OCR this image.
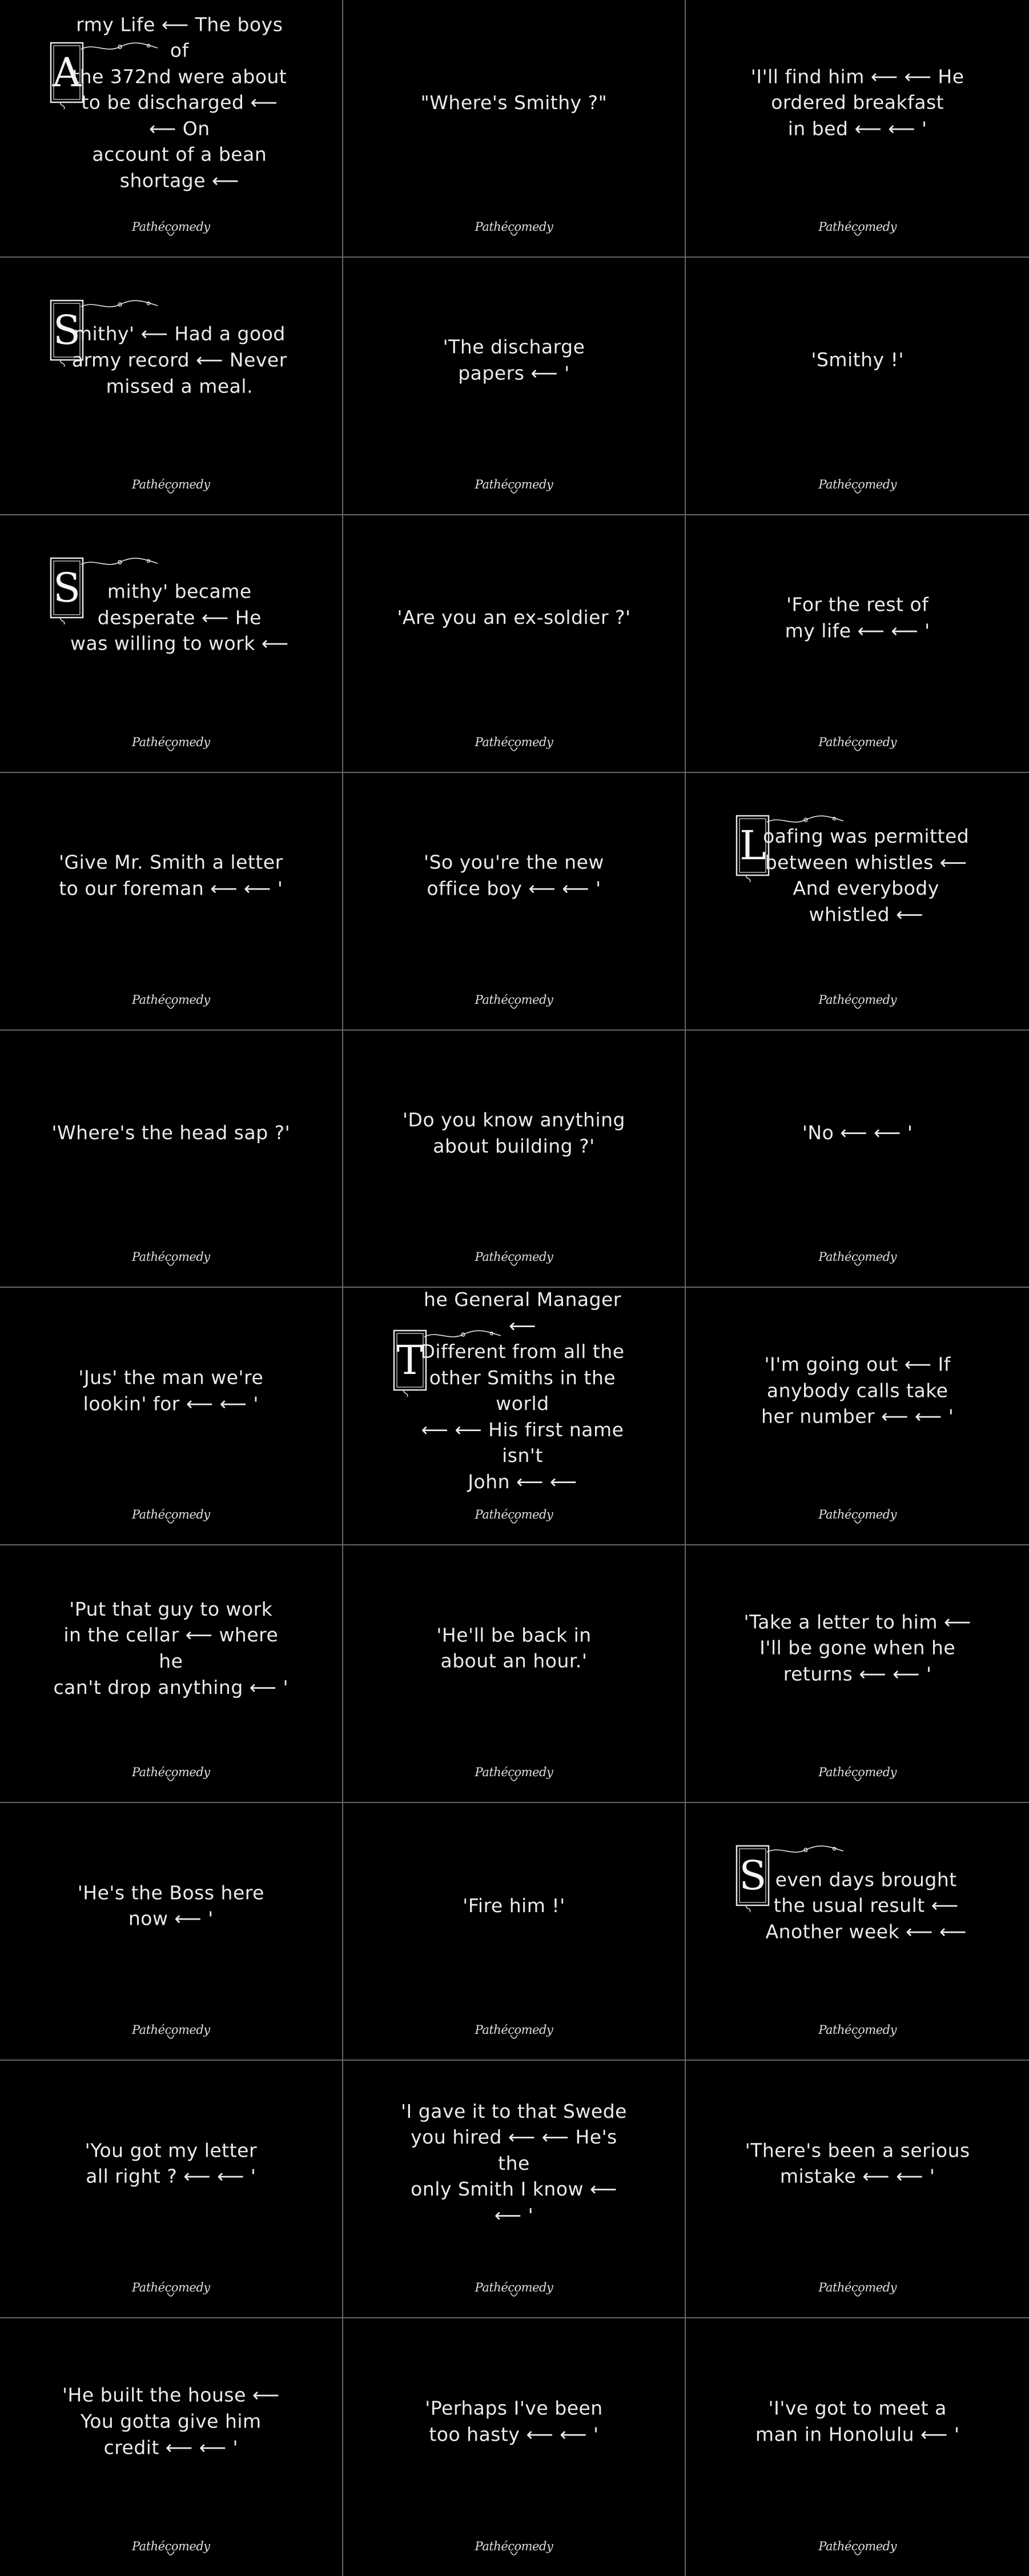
A
rmy Life ⟵ The boys of
the 372nd were about
to be discharged ⟵ ⟵ On
account of a bean shortage ⟵
Pathécomedy
"Where's Smithy ?"
Pathécomedy
'I'll find him ⟵ ⟵ He
ordered breakfast
in bed ⟵ ⟵ '
Pathécomedy
S
mithy' ⟵ Had a good
army record ⟵ Never
missed a meal.
Pathécomedy
'The discharge
papers ⟵ '
Pathécomedy
'Smithy !'
Pathécomedy
S	mithy' became
desperate ⟵ He
was willing to work ⟵
Pathécomedy
'Are you an ex-soldier ?'
Pathécomedy
'For the rest of
my life ⟵ ⟵ '
Pathécomedy
'Give Mr. Smith a letter
to our foreman ⟵ ⟵ '
Pathécomedy
'So you're the new
office boy ⟵ ⟵ '
Pathécomedy
L
oafing was permitted
between whistles ⟵
And everybody whistled ⟵
Pathécomedy
'Where's the head sap ?'
Pathécomedy
'Do you know anything
about building ?'
Pathécomedy
'No ⟵ ⟵ '
Pathécomedy
'Jus' the man we're
lookin' for ⟵ ⟵ '
Pathécomedy
T
he General Manager ⟵
Different from all the
other Smiths in the world
⟵ ⟵ His first name isn't
John ⟵ ⟵
Pathécomedy
'I'm going out ⟵ If
anybody calls take
her number ⟵ ⟵ '
Pathécomedy
'Put that guy to work
in the cellar ⟵ where he
can't drop anything ⟵ '
Pathécomedy
'He'll be back in
about an hour.'
Pathécomedy
'Take a letter to him ⟵
I'll be gone when he
returns ⟵ ⟵ '
Pathécomedy
'He's the Boss here
now ⟵ '
Pathécomedy
'Fire him !'
Pathécomedy
S even days brought
the usual result ⟵
Another week ⟵ ⟵
Pathécomedy
'You got my letter
all right ? ⟵ ⟵ '
Pathécomedy
'I gave it to that Swede
you hired ⟵ ⟵ He's the
only Smith I know ⟵ ⟵ '
Pathécomedy
'There's been a serious
mistake ⟵ ⟵ '
Pathécomedy
'He built the house ⟵
You gotta give him
credit ⟵ ⟵ '
Pathécomedy
'Perhaps I've been
too hasty ⟵ ⟵ '
Pathécomedy
'I've got to meet a
man in Honolulu ⟵ '
Pathécomedy
